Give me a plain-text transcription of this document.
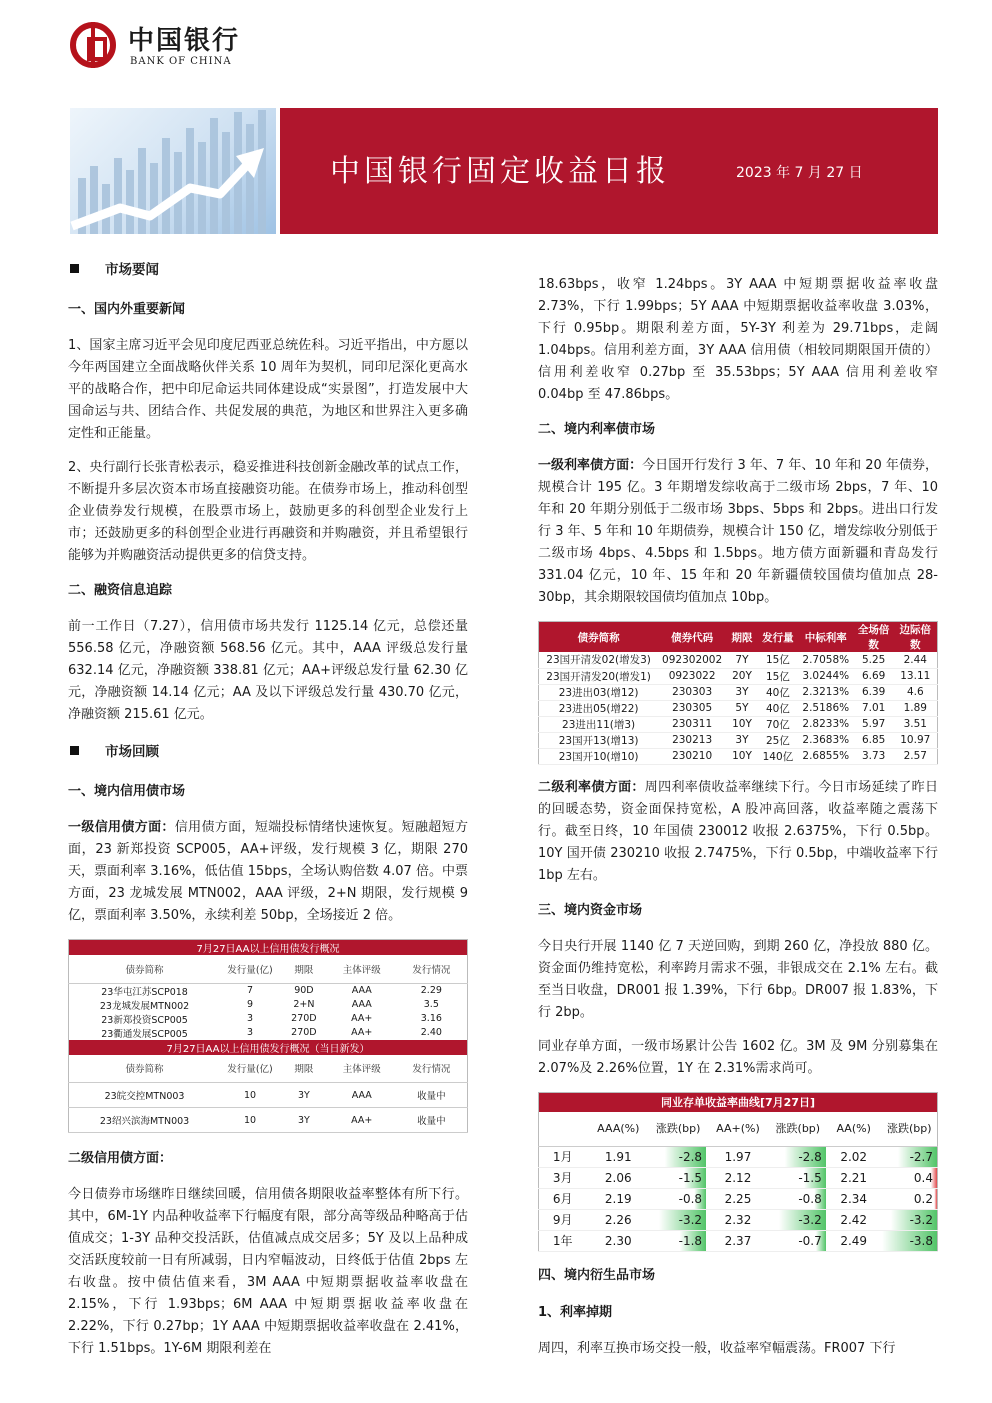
中国银行
BANK OF CHINA
中国银行固定收益日报	2023 年 7 月 27 日
市场要闻
一、国内外重要新闻
1、国家主席习近平会见印度尼西亚总统佐科。习近平指出，中方愿以今年两国建立全面战略伙伴关系 10 周年为契机，同印尼深化更高水平的战略合作，把中印尼命运共同体建设成“实景图”，打造发展中大国命运与共、团结合作、共促发展的典范，为地区和世界注入更多确定性和正能量。
2、央行副行长张青松表示，稳妥推进科技创新金融改革的试点工作，不断提升多层次资本市场直接融资功能。在债券市场上，推动科创型企业债券发行规模，在股票市场上，鼓励更多的科创型企业发行上市；还鼓励更多的科创型企业进行再融资和并购融资，并且希望银行能够为并购融资活动提供更多的信贷支持。
二、融资信息追踪
前一工作日（7.27），信用债市场共发行 1125.14 亿元，总偿还量 556.58 亿元，净融资额 568.56 亿元。其中，AAA 评级总发行量 632.14 亿元，净融资额 338.81 亿元；AA+评级总发行量 62.30 亿元，净融资额 14.14 亿元；AA 及以下评级总发行量 430.70 亿元，净融资额 215.61 亿元。
市场回顾
一、境内信用债市场
一级信用债方面：信用债方面，短端投标情绪快速恢复。短融超短方面，23 新郑投资 SCP005，AA+评级，发行规模 3 亿，期限 270 天，票面利率 3.16%，低估值 15bps，全场认购倍数 4.07 倍。中票方面，23 龙城发展 MTN002，AAA 评级，2+N 期限，发行规模 9 亿，票面利率 3.50%，永续利差 50bp，全场接近 2 倍。
7月27日AA以上信用债发行概况				
债券简称	发行量(亿)	期限	主体评级	发行情况
23华屯江苏SCP018	7	90D	AAA	2.29
23龙城发展MTN002	9	2+N	AAA	3.5
23新郑投资SCP005	3	270D	AA+	3.16
23衢通发展SCP005	3	270D	AA+	2.40
7月27日AA以上信用债发行概况（当日新发）				
债券简称	发行量(亿)	期限	主体评级	发行情况
23皖交控MTN003	10	3Y	AAA	收量中
23绍兴滨海MTN003	10	3Y	AA+	收量中
二级信用债方面：
今日债券市场继昨日继续回暖，信用债各期限收益率整体有所下行。其中，6M-1Y 内品种收益率下行幅度有限，部分高等级品种略高于估值成交；1-3Y 品种交投活跃，估值减点成交居多；5Y 及以上品种成交活跃度较前一日有所减弱，日内窄幅波动，日终低于估值 2bps 左右收盘。按中债估值来看，3M AAA 中短期票据收益率收盘在 2.15%，下行 1.93bps；6M AAA 中短期票据收益率收盘在 2.22%，下行 0.27bp；1Y AAA 中短期票据收益率收盘在 2.41%，下行 1.51bps。1Y-6M 期限利差在
18.63bps，收窄 1.24bps。3Y AAA 中短期票据收益率收盘 2.73%，下行 1.99bps；5Y AAA 中短期票据收益率收盘 3.03%，下行 0.95bp。期限利差方面，5Y-3Y 利差为 29.71bps，走阔 1.04bps。信用利差方面，3Y AAA 信用债（相较同期限国开债的）信用利差收窄 0.27bp 至 35.53bps；5Y AAA 信用利差收窄 0.04bp 至 47.86bps。
二、境内利率债市场
一级利率债方面：今日国开行发行 3 年、7 年、10 年和 20 年债券，规模合计 195 亿。3 年期增发综收高于二级市场 2bps，7 年、10 年和 20 年期分别低于二级市场 3bps、5bps 和 2bps。进出口行发行 3 年、5 年和 10 年期债券，规模合计 150 亿，增发综收分别低于二级市场 4bps、4.5bps 和 1.5bps。地方债方面新疆和青岛发行 331.04 亿元，10 年、15 年和 20 年新疆债较国债均值加点 28-30bp，其余期限较国债均值加点 10bp。
债券简称	债券代码	期限	发行量	中标利率	全场倍数	边际倍数
23国开清发02(增发3)	092302002	7Y	15亿	2.7058%	5.25	2.44
23国开清发20(增发1)	0923022	20Y	15亿	3.0244%	6.69	13.11
23进出03(增12)	230303	3Y	40亿	2.3213%	6.39	4.6
23进出05(增22)	230305	5Y	40亿	2.5186%	7.01	1.89
23进出11(增3)	230311	10Y	70亿	2.8233%	5.97	3.51
23国开13(增13)	230213	3Y	25亿	2.3683%	6.85	10.97
23国开10(增10)	230210	10Y	140亿	2.6855%	3.73	2.57
二级利率债方面：周四利率债收益率继续下行。今日市场延续了昨日的回暖态势，资金面保持宽松，A 股冲高回落，收益率随之震荡下行。截至日终，10 年国债 230012 收报 2.6375%，下行 0.5bp。10Y 国开债 230210 收报 2.7475%，下行 0.5bp，中端收益率下行 1bp 左右。
三、境内资金市场
今日央行开展 1140 亿 7 天逆回购，到期 260 亿，净投放 880 亿。资金面仍维持宽松，利率跨月需求不强，非银成交在 2.1% 左右。截至当日收盘，DR001 报 1.39%，下行 6bp。DR007 报 1.83%，下行 2bp。
同业存单方面，一级市场累计公告 1602 亿。3M 及 9M 分别募集在 2.07%及 2.26%位置，1Y 在 2.31%需求尚可。
同业存单收益率曲线[7月27日]						
	AAA(%)	涨跌(bp)	AA+(%)	涨跌(bp)	AA(%)	涨跌(bp)
1月	1.91	-2.8	1.97	-2.8	2.02	-2.7
3月	2.06	-1.5	2.12	-1.5	2.21	0.4
6月	2.19	-0.8	2.25	-0.8	2.34	0.2
9月	2.26	-3.2	2.32	-3.2	2.42	-3.2
1年	2.30	-1.8	2.37	-0.7	2.49	-3.8
四、境内衍生品市场
1、利率掉期
周四，利率互换市场交投一般，收益率窄幅震荡。FR007 下行
